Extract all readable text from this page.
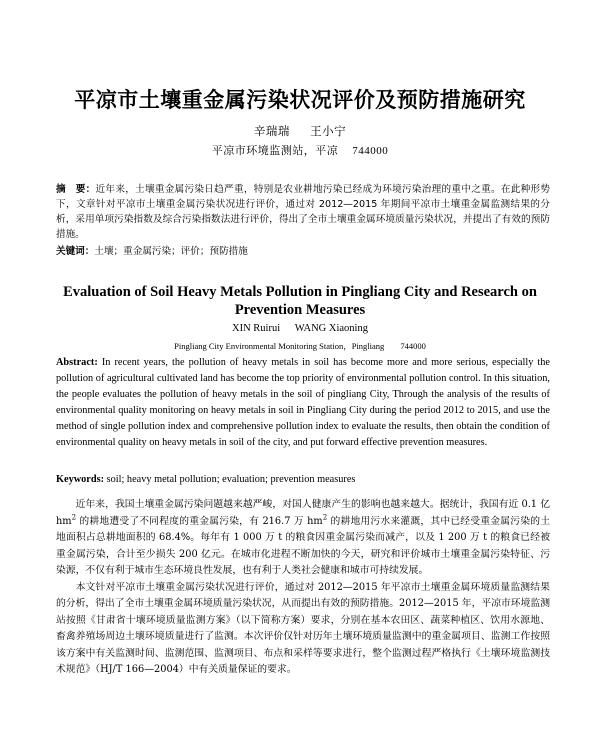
平凉市土壤重金属污染状况评价及预防措施研究
辛瑞瑞 王小宁
平凉市环境监测站，平凉 744000
摘　要：近年来，土壤重金属污染日趋严重，特别是农业耕地污染已经成为环境污染治理的重中之重。在此种形势下，文章针对平凉市土壤重金属污染状况进行评价，通过对 2012—2015 年期间平凉市土壤重金属监测结果的分析，采用单项污染指数及综合污染指数法进行评价，得出了全市土壤重金属环境质量污染状况，并提出了有效的预防措施。
关键词：土壤；重金属污染；评价；预防措施
Evaluation of Soil Heavy Metals Pollution in Pingliang City and Research on Prevention Measures
XIN Ruirui WANG Xiaoning
Pingliang City Environmental Monitoring Station，Pingliang 744000
Abstract: In recent years, the pollution of heavy metals in soil has become more and more serious, especially the pollution of agricultural cultivated land has become the top priority of environmental pollution control. In this situation, the people evaluates the pollution of heavy metals in the soil of pingliang City, Through the analysis of the results of environmental quality monitoring on heavy metals in soil in Pingliang City during the period 2012 to 2015, and use the method of single pollution index and comprehensive pollution index to evaluate the results, then obtain the condition of environmental quality on heavy metals in soil of the city, and put forward effective prevention measures.
Keywords: soil; heavy metal pollution; evaluation; prevention measures

近年来，我国土壤重金属污染问题越来越严峻，对国人健康产生的影响也越来越大。据统计，我国有近 0.1 亿 $hm^2$ 的耕地遭受了不同程度的重金属污染，有 216.7 万 $hm^2$ 的耕地用污水来灌溉，其中已经受重金属污染的土地面积占总耕地面积的 68.4%。每年有 1 000 万 t 的粮食因重金属污染而减产，以及 1 200 万 t 的粮食已经被重金属污染，合计至少损失 200 亿元。在城市化进程不断加快的今天，研究和评价城市土壤重金属污染特征、污染源，不仅有利于城市生态环境良性发展，也有利于人类社会健康和城市可持续发展。

本文针对平凉市土壤重金属污染状况进行评价，通过对 2012—2015 年平凉市土壤重金属环境质量监测结果的分析，得出了全市土壤重金属环境质量污染状况，从而提出有效的预防措施。2012—2015 年，平凉市环境监测站按照《甘肃省十壤环境质量监测方案》（以下简称方案）要求，分别在基本农田区、蔬菜种植区、饮用水源地、畜禽养殖场周边土壤环境质量进行了监测。本次评价仅针对历年土壤环境质量监测中的重金属项目、监测工作按照该方案中有关监测时间、监测范围、监测项目、布点和采样等要求进行，整个监测过程严格执行《土壤环境监测技术规范》（HJ/T 166—2004）中有关质量保证的要求。
